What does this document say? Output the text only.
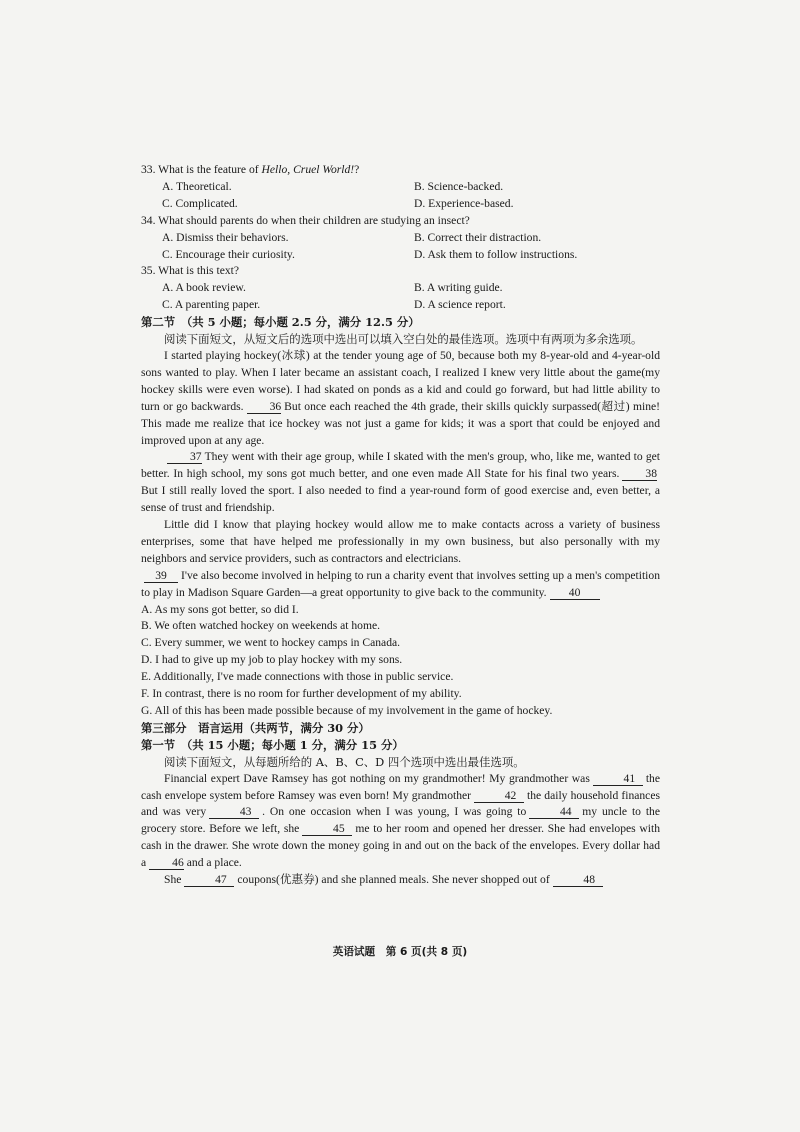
33. What is the feature of Hello, Cruel World!?

A. Theoretical.	B. Science-backed.
C. Complicated.	D. Experience-based.

34. What should parents do when their children are studying an insect?

A. Dismiss their behaviors.	B. Correct their distraction.
C. Encourage their curiosity.	D. Ask them to follow instructions.

35. What is this text?

A. A book review.	B. A writing guide.
C. A parenting paper.	D. A science report.

第二节　（共 5 小题；每小题 2.5 分，满分 12.5 分）

阅读下面短文，从短文后的选项中选出可以填入空白处的最佳选项。选项中有两项为多余选项。

I started playing hockey(冰球) at the tender young age of 50, because both my 8-year-old and 4-year-old sons wanted to play. When I later became an assistant coach, I realized I knew very little about the game(my hockey skills were even worse). I had skated on ponds as a kid and could go forward, but had little ability to turn or go backwards. 36 But once each reached the 4th grade, their skills quickly surpassed(超过) mine! This made me realize that ice hockey was not just a game for kids; it was a sport that could be enjoyed and improved upon at any age.

37 They went with their age group, while I skated with the men's group, who, like me, wanted to get better. In high school, my sons got much better, and one even made All State for his final two years. 38But I still really loved the sport. I also needed to find a year-round form of good exercise and, even better, a sense of trust and friendship.

Little did I know that playing hockey would allow me to make contacts across a variety of business enterprises, some that have helped me professionally in my own business, but also personally with my neighbors and service providers, such as contractors and electricians.

39 I've also become involved in helping to run a charity event that involves setting up a men's competition to play in Madison Square Garden—a great opportunity to give back to the community. 40

A. As my sons got better, so did I.

B. We often watched hockey on weekends at home.

C. Every summer, we went to hockey camps in Canada.

D. I had to give up my job to play hockey with my sons.

E. Additionally, I've made connections with those in public service.

F. In contrast, there is no room for further development of my ability.

G. All of this has been made possible because of my involvement in the game of hockey.

第三部分　语言运用（共两节，满分 30 分）

第一节　（共 15 小题；每小题 1 分，满分 15 分）

阅读下面短文，从每题所给的 A、B、C、D 四个选项中选出最佳选项。

Financial expert Dave Ramsey has got nothing on my grandmother! My grandmother was	41 the cash envelope system before Ramsey was even born! My grandmother	42 the daily household finances and was very	43 . On one occasion when I was young, I was going to	44 my uncle to the grocery store. Before we left, she	45 me to her room and opened her dresser. She had envelopes with cash in the drawer. She wrote down the money going in and out on the back of the envelopes. Every dollar had a 46 and a place.

She	47 coupons(优惠券) and she planned meals. She never shopped out of	48

英语试题　第 6 页(共 8 页)
